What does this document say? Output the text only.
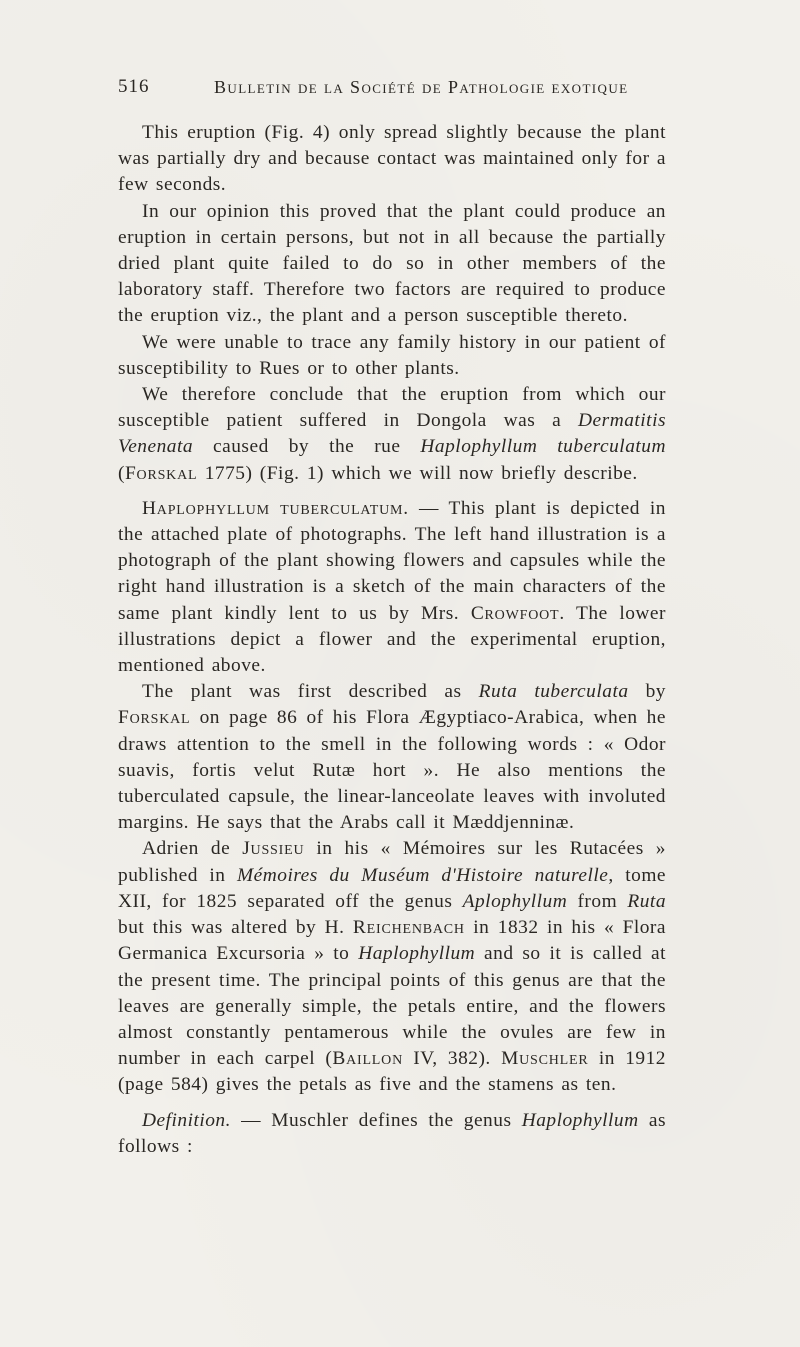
516	Bulletin de la Société de Pathologie exotique

This eruption (Fig. 4) only spread slightly because the plant was partially dry and because contact was maintained only for a few seconds.

In our opinion this proved that the plant could produce an eruption in certain persons, but not in all because the partially dried plant quite failed to do so in other members of the laboratory staff. Therefore two factors are required to produce the eruption viz., the plant and a person susceptible thereto.

We were unable to trace any family history in our patient of susceptibility to Rues or to other plants.

We therefore conclude that the eruption from which our susceptible patient suffered in Dongola was a Dermatitis Venenata caused by the rue Haplophyllum tuberculatum (Forskal 1775) (Fig. 1) which we will now briefly describe.

Haplophyllum tuberculatum. — This plant is depicted in the attached plate of photographs. The left hand illustration is a photograph of the plant showing flowers and capsules while the right hand illustration is a sketch of the main characters of the same plant kindly lent to us by Mrs. Crowfoot. The lower illustrations depict a flower and the experimental eruption, mentioned above.

The plant was first described as Ruta tuberculata by Forskal on page 86 of his Flora Ægyptiaco-Arabica, when he draws attention to the smell in the following words : « Odor suavis, fortis velut Rutæ hort ». He also mentions the tuberculated capsule, the linear-lanceolate leaves with involuted margins. He says that the Arabs call it Mæddjenninæ.

Adrien de Jussieu in his « Mémoires sur les Rutacées » published in Mémoires du Muséum d'Histoire naturelle, tome XII, for 1825 separated off the genus Aplophyllum from Ruta but this was altered by H. Reichenbach in 1832 in his « Flora Germanica Excursoria » to Haplophyllum and so it is called at the present time. The principal points of this genus are that the leaves are generally simple, the petals entire, and the flowers almost constantly pentamerous while the ovules are few in number in each carpel (Baillon IV, 382). Muschler in 1912 (page 584) gives the petals as five and the stamens as ten.

Definition. — Muschler defines the genus Haplophyllum as follows :
